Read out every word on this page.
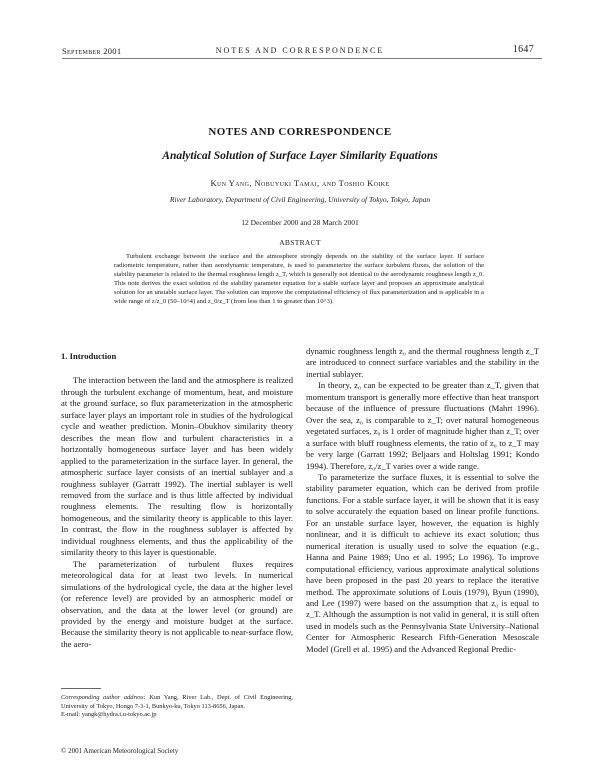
September 2001	NOTES AND CORRESPONDENCE	1647
NOTES AND CORRESPONDENCE
Analytical Solution of Surface Layer Similarity Equations
Kun Yang, Nobuyuki Tamai, and Toshio Koike
River Laboratory, Department of Civil Engineering, University of Tokyo, Tokyo, Japan
12 December 2000 and 28 March 2001
ABSTRACT
Turbulent exchange between the surface and the atmosphere strongly depends on the stability of the surface layer. If surface radiometric temperature, rather than aerodynamic temperature, is used to parameterize the surface turbulent fluxes, the solution of the stability parameter is related to the thermal roughness length z_T, which is generally not identical to the aerodynamic roughness length z_0. This note derives the exact solution of the stability parameter equation for a stable surface layer and proposes an approximate analytical solution for an unstable surface layer. The solution can improve the computational efficiency of flux parameterization and is applicable in a wide range of z/z_0 (50–10^4) and z_0/z_T (from less than 1 to greater than 10^3).
1. Introduction

The interaction between the land and the atmosphere is realized through the turbulent exchange of momentum, heat, and moisture at the ground surface, so flux parameterization in the atmospheric surface layer plays an important role in studies of the hydrological cycle and weather prediction. Monin–Obukhov similarity theory describes the mean flow and turbulent characteristics in a horizontally homogeneous surface layer and has been widely applied to the parameterization in the surface layer. In general, the atmospheric surface layer consists of an inertial sublayer and a roughness sublayer (Garratt 1992). The inertial sublayer is well removed from the surface and is thus little affected by individual roughness elements. The resulting flow is horizontally homogeneous, and the similarity theory is applicable to this layer. In contrast, the flow in the roughness sublayer is affected by individual roughness elements, and thus the applicability of the similarity theory to this layer is questionable.

The parameterization of turbulent fluxes requires meteorological data for at least two levels. In numerical simulations of the hydrological cycle, the data at the higher level (or reference level) are provided by an atmospheric model or observation, and the data at the lower level (or ground) are provided by the energy and moisture budget at the surface. Because the similarity theory is not applicable to near-surface flow, the aero-

dynamic roughness length z₀ and the thermal roughness length z_T are introduced to connect surface variables and the stability in the inertial sublayer.

In theory, z₀ can be expected to be greater than z_T, given that momentum transport is generally more effective than heat transport because of the influence of pressure fluctuations (Mahrt 1996). Over the sea, z₀ is comparable to z_T; over natural homogeneous vegetated surfaces, z₀ is 1 order of magnitude higher than z_T; over a surface with bluff roughness elements, the ratio of z₀ to z_T may be very large (Garratt 1992; Beljaars and Holtslag 1991; Kondo 1994). Therefore, z₀/z_T varies over a wide range.

To parameterize the surface fluxes, it is essential to solve the stability parameter equation, which can be derived from profile functions. For a stable surface layer, it will be shown that it is easy to solve accurately the equation based on linear profile functions. For an unstable surface layer, however, the equation is highly nonlinear, and it is difficult to achieve its exact solution; thus numerical iteration is usually used to solve the equation (e.g., Hanna and Paine 1989; Uno et al. 1995; Lo 1996). To improve computational efficiency, various approximate analytical solutions have been proposed in the past 20 years to replace the iterative method. The approximate solutions of Louis (1979), Byun (1990), and Lee (1997) were based on the assumption that z₀ is equal to z_T. Although the assumption is not valid in general, it is still often used in models such as the Pennsylvania State University–National Center for Atmospheric Research Fifth-Generation Mesoscale Model (Grell et al. 1995) and the Advanced Regional Predic-

Corresponding author address: Kun Yang, River Lab., Dept. of Civil Engineering, University of Tokyo, Hongo 7-3-1, Bunkyo-ku, Tokyo 113-8656, Japan.
E-mail: yangk@hydra.t.u-tokyo.ac.jp
© 2001 American Meteorological Society
